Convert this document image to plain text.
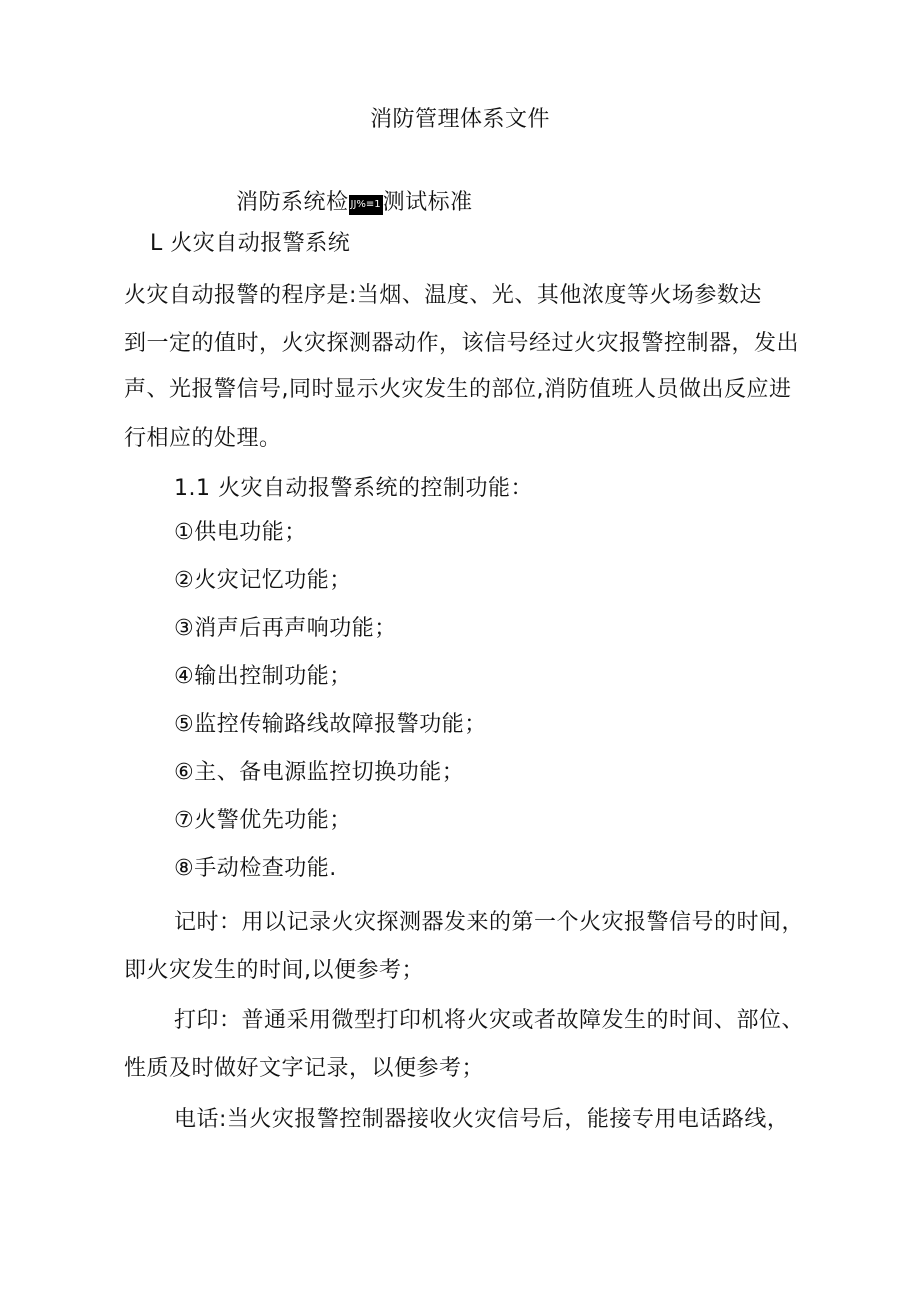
消防管理体系文件
消防系统检 JJ%≡1测试标准
L 火灾自动报警系统
火灾自动报警的程序是:当烟、温度、光、其他浓度等火场参数达
到一定的值时，火灾探测器动作，该信号经过火灾报警控制器，发出
声、光报警信号,同时显示火灾发生的部位,消防值班人员做出反应进
行相应的处理。
1.1 火灾自动报警系统的控制功能：
①供电功能；
②火灾记忆功能；
③消声后再声响功能；
④输出控制功能；
⑤监控传输路线故障报警功能；
⑥主、备电源监控切换功能；
⑦火警优先功能；
⑧手动检查功能.
记时：用以记录火灾探测器发来的第一个火灾报警信号的时间，
即火灾发生的时间,以便参考；
打印：普通采用微型打印机将火灾或者故障发生的时间、部位、
性质及时做好文字记录，以便参考；
电话:当火灾报警控制器接收火灾信号后，能接专用电话路线，
